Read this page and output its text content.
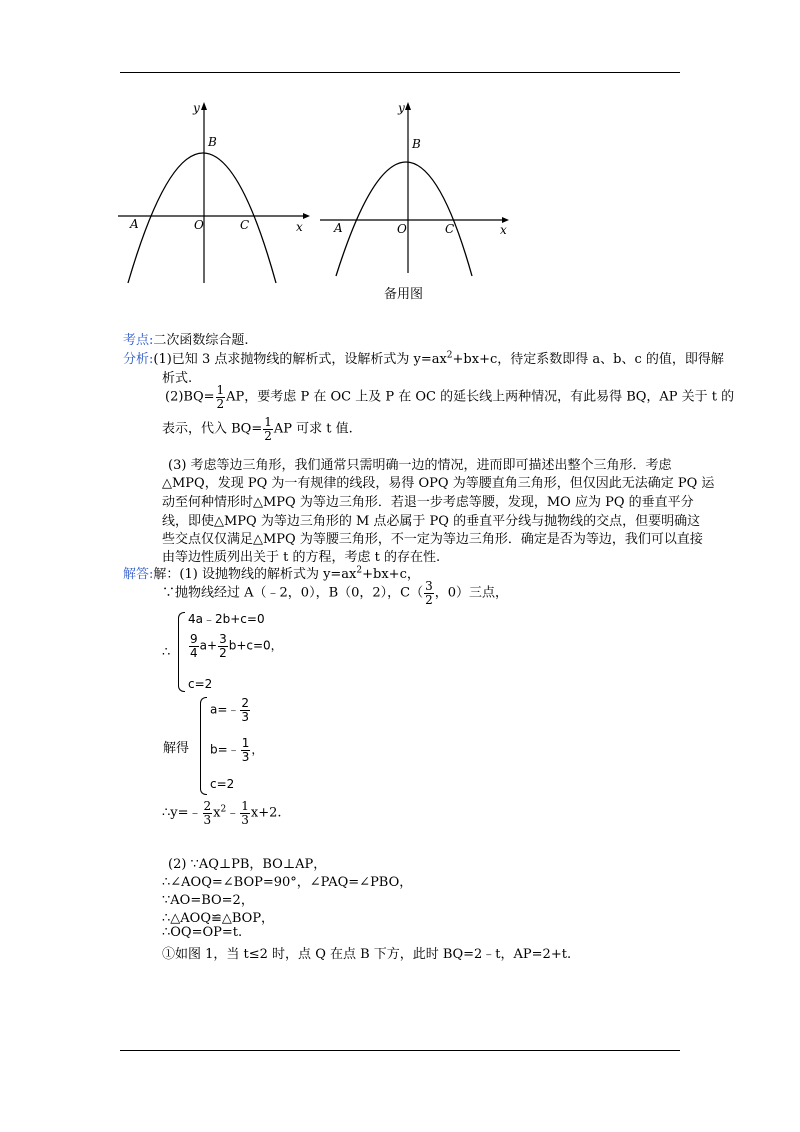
y
x
A
B
O	C
y
x
A
B
O	C
备用图
考点:二次函数综合题.
分析:(1)已知 3 点求抛物线的解析式，设解析式为 $y=ax^2+bx+c$，待定系数即得 a、b、c 的值，即得解
析式.
$(2)BQ= \frac{1}{2}$ AP，要考虑 P 在 OC 上及 P 在 OC 的延长线上两种情况，有此易得 BQ，AP 关于 t 的
表示，代入 $BQ= \frac{1}{2}$ AP 可求 t 值.
(3) 考虑等边三角形，我们通常只需明确一边的情况，进而即可描述出整个三角形．考虑
△MPQ，发现 PQ 为一有规律的线段，易得 OPQ 为等腰直角三角形，但仅因此无法确定 PQ 运
动至何种情形时△MPQ 为等边三角形．若退一步考虑等腰，发现，MO 应为 PQ 的垂直平分
线，即使△MPQ 为等边三角形的 M 点必属于 PQ 的垂直平分线与抛物线的交点，但要明确这
些交点仅仅满足△MPQ 为等腰三角形，不一定为等边三角形．确定是否为等边，我们可以直接
由等边性质列出关于 t 的方程，考虑 t 的存在性.
解答:解：(1) 设抛物线的解析式为 $y=ax^2+bx+c$，
∵抛物线经过 A（﹣2，0），B（0，2），$C( \frac{3}{2}$ ，0）三点，
∴
4a﹣2b+c=0
$\frac{9}{4} a+ \frac{3}{2} b+c=0$，
c=2
解得
a=﹣ $\frac{2}{3}$
b=﹣ $\frac{1}{3}$ ，
c=2
∴y=﹣ $\frac{2}{3}$ $x^2﹣ \frac{1}{3} x+2$.
(2) ∵AQ⊥PB，BO⊥AP，
∴∠AOQ=∠BOP=90°，∠PAQ=∠PBO，
∵AO=BO=2，
∴△AOQ≌△BOP，
∴OQ=OP=t.
①如图 1，当 t≤2 时，点 Q 在点 B 下方，此时 BQ=2﹣t，AP=2+t.
